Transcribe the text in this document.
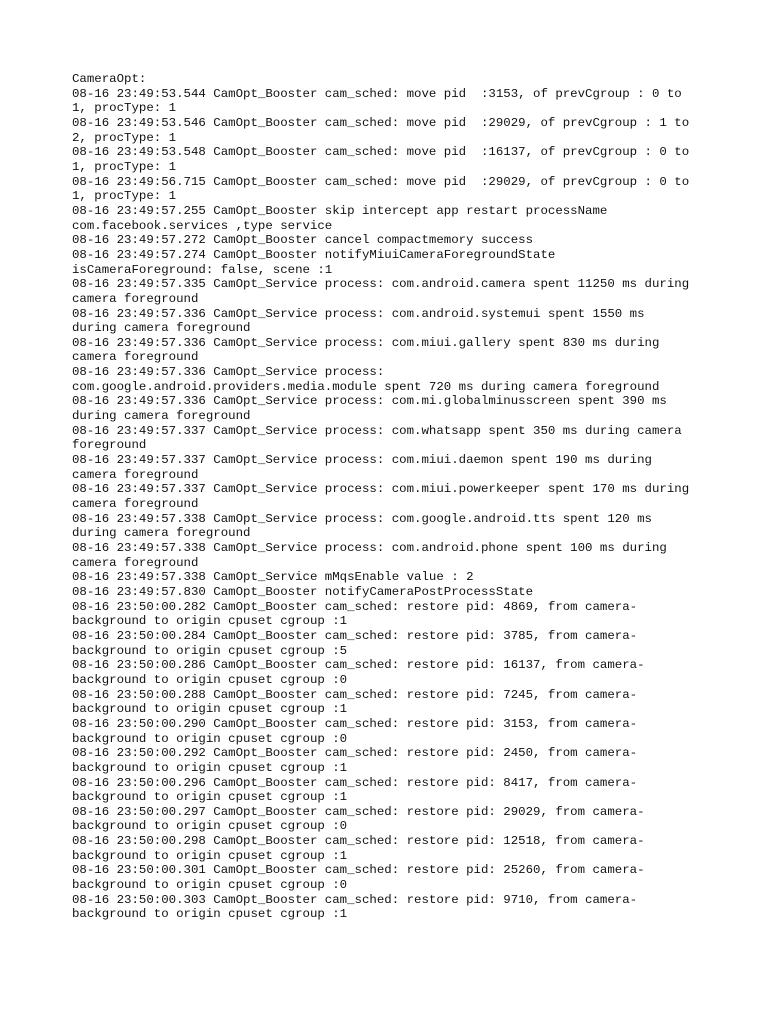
CameraOpt:
08-16 23:49:53.544 CamOpt_Booster cam_sched: move pid  :3153, of prevCgroup : 0 to
1, procType: 1
08-16 23:49:53.546 CamOpt_Booster cam_sched: move pid  :29029, of prevCgroup : 1 to
2, procType: 1
08-16 23:49:53.548 CamOpt_Booster cam_sched: move pid  :16137, of prevCgroup : 0 to
1, procType: 1
08-16 23:49:56.715 CamOpt_Booster cam_sched: move pid  :29029, of prevCgroup : 0 to
1, procType: 1
08-16 23:49:57.255 CamOpt_Booster skip intercept app restart processName
com.facebook.services ,type service
08-16 23:49:57.272 CamOpt_Booster cancel compactmemory success
08-16 23:49:57.274 CamOpt_Booster notifyMiuiCameraForegroundState
isCameraForeground: false, scene :1
08-16 23:49:57.335 CamOpt_Service process: com.android.camera spent 11250 ms during
camera foreground
08-16 23:49:57.336 CamOpt_Service process: com.android.systemui spent 1550 ms
during camera foreground
08-16 23:49:57.336 CamOpt_Service process: com.miui.gallery spent 830 ms during
camera foreground
08-16 23:49:57.336 CamOpt_Service process:
com.google.android.providers.media.module spent 720 ms during camera foreground
08-16 23:49:57.336 CamOpt_Service process: com.mi.globalminusscreen spent 390 ms
during camera foreground
08-16 23:49:57.337 CamOpt_Service process: com.whatsapp spent 350 ms during camera
foreground
08-16 23:49:57.337 CamOpt_Service process: com.miui.daemon spent 190 ms during
camera foreground
08-16 23:49:57.337 CamOpt_Service process: com.miui.powerkeeper spent 170 ms during
camera foreground
08-16 23:49:57.338 CamOpt_Service process: com.google.android.tts spent 120 ms
during camera foreground
08-16 23:49:57.338 CamOpt_Service process: com.android.phone spent 100 ms during
camera foreground
08-16 23:49:57.338 CamOpt_Service mMqsEnable value : 2
08-16 23:49:57.830 CamOpt_Booster notifyCameraPostProcessState
08-16 23:50:00.282 CamOpt_Booster cam_sched: restore pid: 4869, from camera-
background to origin cpuset cgroup :1
08-16 23:50:00.284 CamOpt_Booster cam_sched: restore pid: 3785, from camera-
background to origin cpuset cgroup :5
08-16 23:50:00.286 CamOpt_Booster cam_sched: restore pid: 16137, from camera-
background to origin cpuset cgroup :0
08-16 23:50:00.288 CamOpt_Booster cam_sched: restore pid: 7245, from camera-
background to origin cpuset cgroup :1
08-16 23:50:00.290 CamOpt_Booster cam_sched: restore pid: 3153, from camera-
background to origin cpuset cgroup :0
08-16 23:50:00.292 CamOpt_Booster cam_sched: restore pid: 2450, from camera-
background to origin cpuset cgroup :1
08-16 23:50:00.296 CamOpt_Booster cam_sched: restore pid: 8417, from camera-
background to origin cpuset cgroup :1
08-16 23:50:00.297 CamOpt_Booster cam_sched: restore pid: 29029, from camera-
background to origin cpuset cgroup :0
08-16 23:50:00.298 CamOpt_Booster cam_sched: restore pid: 12518, from camera-
background to origin cpuset cgroup :1
08-16 23:50:00.301 CamOpt_Booster cam_sched: restore pid: 25260, from camera-
background to origin cpuset cgroup :0
08-16 23:50:00.303 CamOpt_Booster cam_sched: restore pid: 9710, from camera-
background to origin cpuset cgroup :1
